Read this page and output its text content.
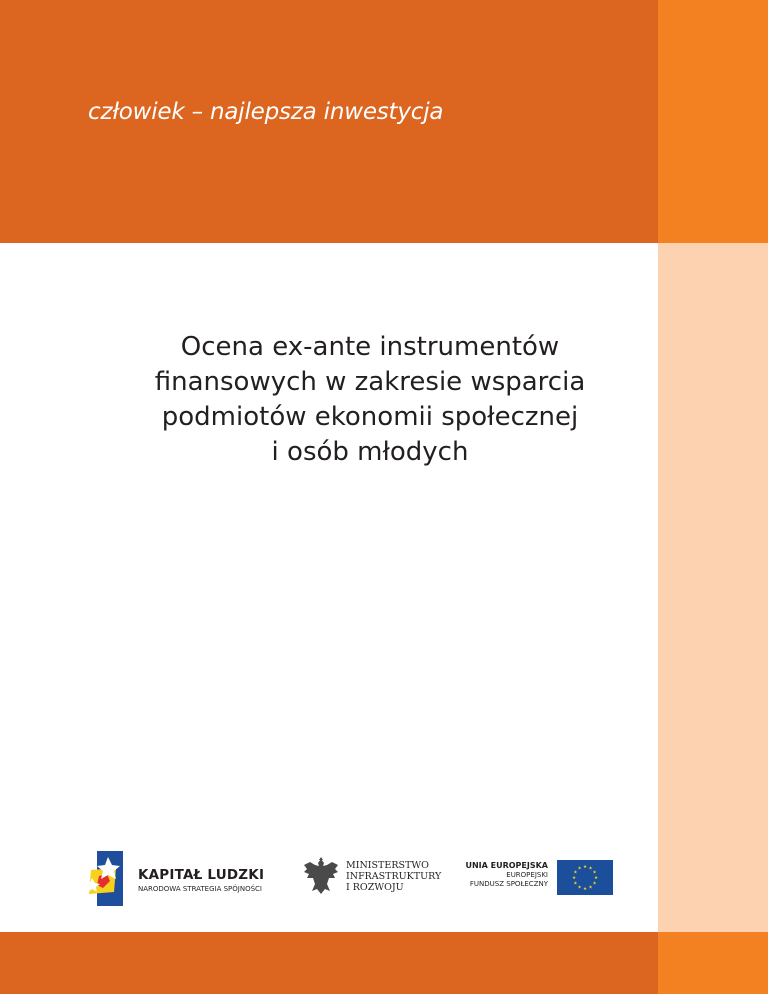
człowiek – najlepsza inwestycja
Ocena ex-ante instrumentów
finansowych w zakresie wsparcia
podmiotów ekonomii społecznej
i osób młodych
KAPITAŁ LUDZKI
NARODOWA STRATEGIA SPÓJNOŚCI
MINISTERSTWO
INFRASTRUKTURY
I ROZWOJU
UNIA EUROPEJSKA
EUROPEJSKI
FUNDUSZ SPOŁECZNY
★ ★
★
★
★
★
★
★
★
★
★
★
